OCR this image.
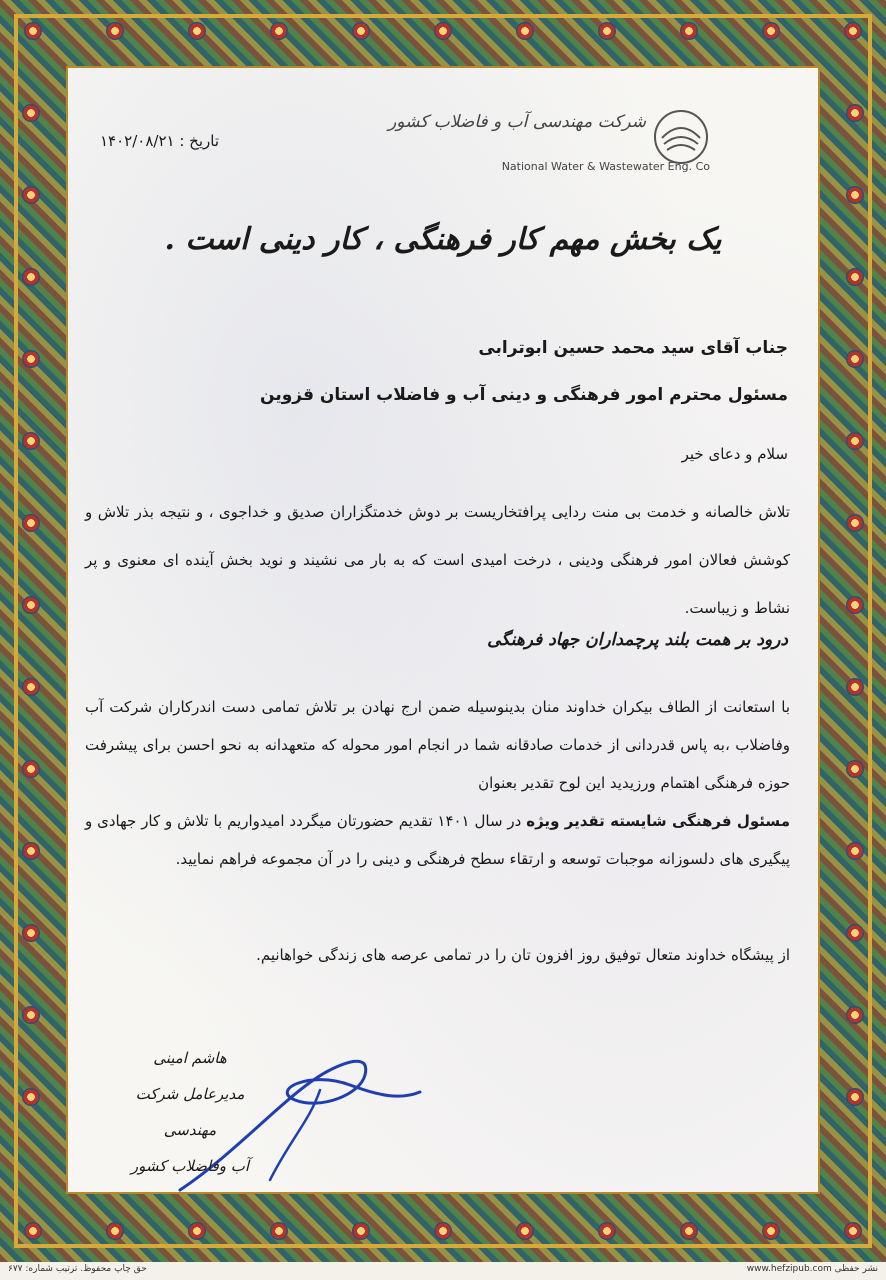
تاریخ : ۱۴۰۲/۰۸/۲۱
شرکت مهندسی آب و فاضلاب کشور
National Water & Wastewater Eng. Co
یک بخش مهم کار فرهنگی ، کار دینی است .
جناب آقای سید محمد حسین ابوترابی
مسئول محترم امور فرهنگی و دینی آب و فاضلاب استان قزوین
سلام و دعای خیر
تلاش خالصانه و خدمت بی منت ردایی پرافتخاریست بر دوش خدمتگزاران صدیق و خداجوی ، و نتیجه بذر تلاش و کوشش فعالان امور فرهنگی ودینی ، درخت امیدی است که به بار می نشیند و نوید بخش آینده ای معنوی و پر نشاط و زیباست.
درود بر همت بلند پرچمداران جهاد فرهنگی
با استعانت از الطاف بیکران خداوند منان بدینوسیله ضمن ارج نهادن بر تلاش تمامی دست اندرکاران شرکت آب وفاضلاب ،به پاس قدردانی از خدمات صادقانه شما در انجام امور محوله که متعهدانه به نحو احسن برای پیشرفت حوزه فرهنگی اهتمام ورزیدید این لوح تقدیر بعنوان
مسئول فرهنگی شایسته تقدیر ویژه در سال ۱۴۰۱ تقدیم حضورتان میگردد امیدواریم با تلاش و کار جهادی و پیگیری های دلسوزانه موجبات توسعه و ارتقاء سطح فرهنگی و دینی را در آن مجموعه فراهم نمایید.
از پیشگاه خداوند متعال توفیق روز افزون تان را در تمامی عرصه های زندگی خواهانیم.
هاشم امینی
مدیرعامل شرکت مهندسی
آب وفاضلاب کشور
حق چاپ محفوظ. ترتیب شماره: ۶۷۷	www.hefzipub.com نشر حفظی
